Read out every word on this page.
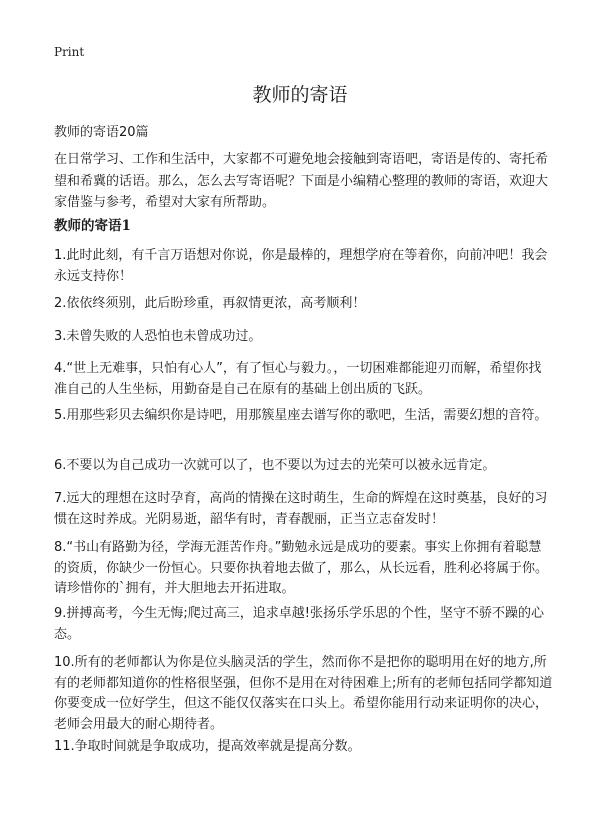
Print
教师的寄语

教师的寄语20篇

在日常学习、工作和生活中，大家都不可避免地会接触到寄语吧，寄语是传的、寄托希望和希冀的话语。那么，怎么去写寄语呢？下面是小编精心整理的教师的寄语，欢迎大家借鉴与参考，希望对大家有所帮助。

教师的寄语1

1.此时此刻，有千言万语想对你说，你是最棒的，理想学府在等着你，向前冲吧！我会永远支持你！

2.依依终须别，此后盼珍重，再叙情更浓，高考顺利！

3.未曾失败的人恐怕也未曾成功过。

4.“世上无难事，只怕有心人”，有了恒心与毅力。，一切困难都能迎刃而解，希望你找准自己的人生坐标，用勤奋是自己在原有的基础上创出质的飞跃。

5.用那些彩贝去编织你是诗吧，用那簇星座去谱写你的歌吧，生活，需要幻想的音符。

6.不要以为自己成功一次就可以了，也不要以为过去的光荣可以被永远肯定。

7.远大的理想在这时孕育，高尚的情操在这时萌生，生命的辉煌在这时奠基，良好的习惯在这时养成。光阴易逝，韶华有时，青春靓丽，正当立志奋发时！

8.“书山有路勤为径，学海无涯苦作舟。”勤勉永远是成功的要素。事实上你拥有着聪慧的资质，你缺少一份恒心。只要你执着地去做了，那么，从长远看，胜利必将属于你。请珍惜你的`拥有，并大胆地去开拓进取。

9.拼搏高考，今生无悔;爬过高三，追求卓越!张扬乐学乐思的个性，坚守不骄不躁的心态。

10.所有的老师都认为你是位头脑灵活的学生，然而你不是把你的聪明用在好的地方,所有的老师都知道你的性格很坚强，但你不是用在对待困难上;所有的老师包括同学都知道你要变成一位好学生，但这不能仅仅落实在口头上。希望你能用行动来证明你的决心，老师会用最大的耐心期待者。

11.争取时间就是争取成功，提高效率就是提高分数。
